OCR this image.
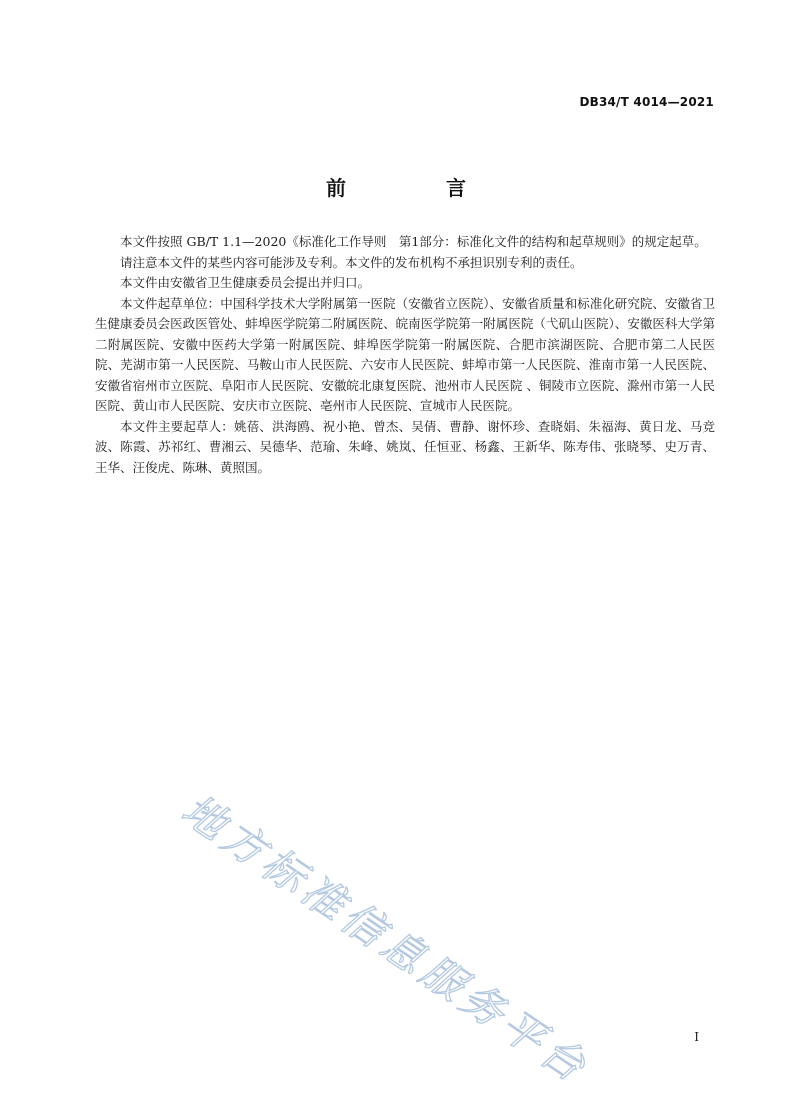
DB34/T 4014—2021
前　言

本文件按照 GB/T 1.1—2020《标准化工作导则　第1部分：标准化文件的结构和起草规则》的规定起草。

请注意本文件的某些内容可能涉及专利。本文件的发布机构不承担识别专利的责任。

本文件由安徽省卫生健康委员会提出并归口。

本文件起草单位：中国科学技术大学附属第一医院（安徽省立医院）、安徽省质量和标准化研究院、安徽省卫生健康委员会医政医管处、蚌埠医学院第二附属医院、皖南医学院第一附属医院（弋矶山医院）、安徽医科大学第二附属医院、安徽中医药大学第一附属医院、蚌埠医学院第一附属医院、合肥市滨湖医院、合肥市第二人民医院、芜湖市第一人民医院、马鞍山市人民医院、六安市人民医院、蚌埠市第一人民医院、淮南市第一人民医院、安徽省宿州市立医院、阜阳市人民医院、安徽皖北康复医院、池州市人民医院 、铜陵市立医院、滁州市第一人民医院、黄山市人民医院、安庆市立医院、亳州市人民医院、宣城市人民医院。

本文件主要起草人：姚蓓、洪海鸥、祝小艳、曾杰、吴倩、曹静、谢怀珍、查晓娟、朱福海、黄日龙、马竞波、陈霞、苏祁红、曹湘云、吴德华、范瑜、朱峰、姚岚、任恒亚、杨鑫、王新华、陈寿伟、张晓琴、史万青、王华、汪俊虎、陈琳、黄照国。

地方标准信息服务平台	I
